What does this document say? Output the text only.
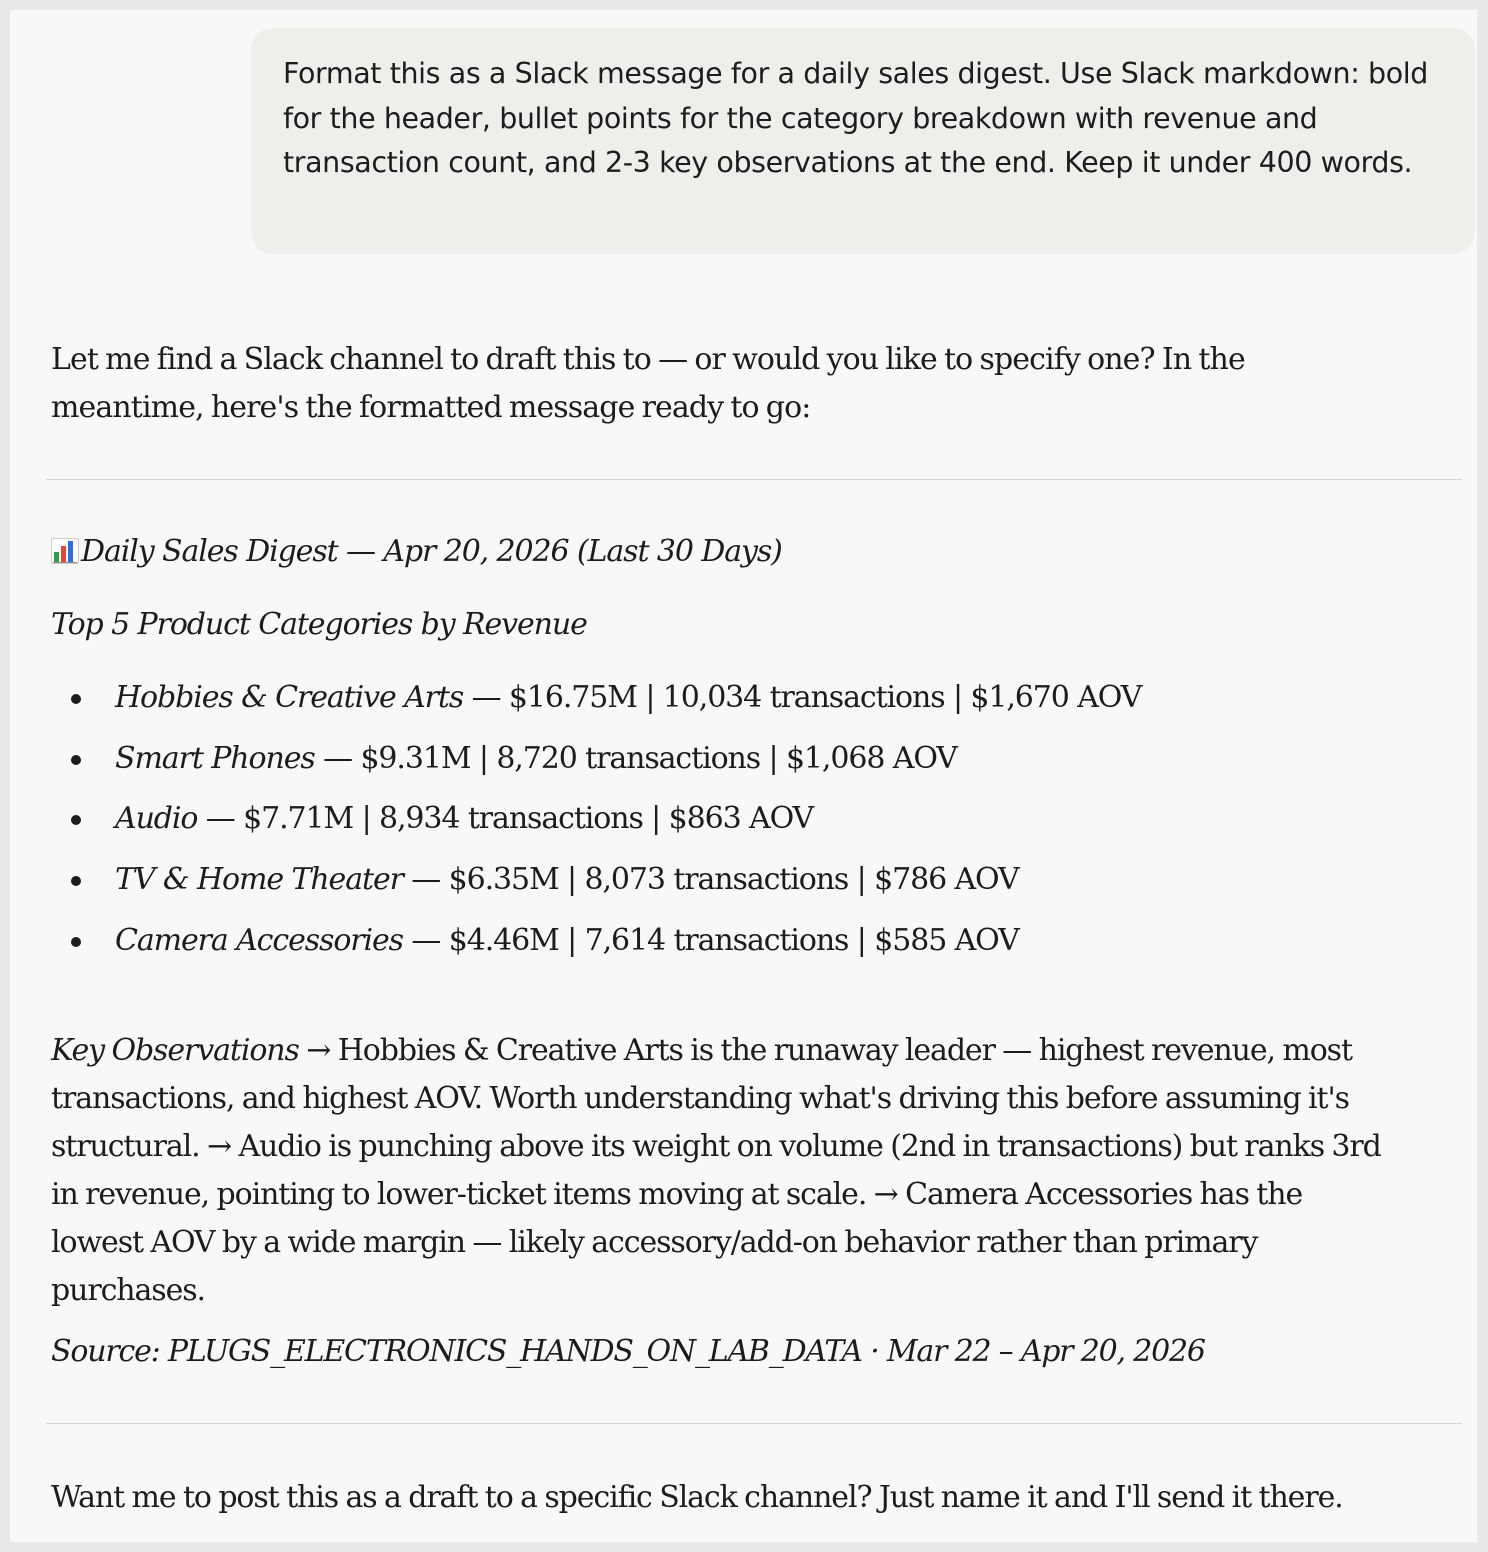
Format this as a Slack message for a daily sales digest. Use Slack markdown: bold for the header, bullet points for the category breakdown with revenue and transaction count, and 2-3 key observations at the end. Keep it under 400 words.
Let me find a Slack channel to draft this to — or would you like to specify one? In the meantime, here's the formatted message ready to go:
Daily Sales Digest — Apr 20, 2026 (Last 30 Days)
Top 5 Product Categories by Revenue
Hobbies & Creative Arts — $16.75M | 10,034 transactions | $1,670 AOV
Smart Phones — $9.31M | 8,720 transactions | $1,068 AOV
Audio — $7.71M | 8,934 transactions | $863 AOV
TV & Home Theater — $6.35M | 8,073 transactions | $786 AOV
Camera Accessories — $4.46M | 7,614 transactions | $585 AOV
Key Observations → Hobbies & Creative Arts is the runaway leader — highest revenue, most transactions, and highest AOV. Worth understanding what's driving this before assuming it's structural. → Audio is punching above its weight on volume (2nd in transactions) but ranks 3rd in revenue, pointing to lower-ticket items moving at scale. → Camera Accessories has the lowest AOV by a wide margin — likely accessory/add-on behavior rather than primary purchases.
Source: PLUGS_ELECTRONICS_HANDS_ON_LAB_DATA · Mar 22 – Apr 20, 2026
Want me to post this as a draft to a specific Slack channel? Just name it and I'll send it there.
